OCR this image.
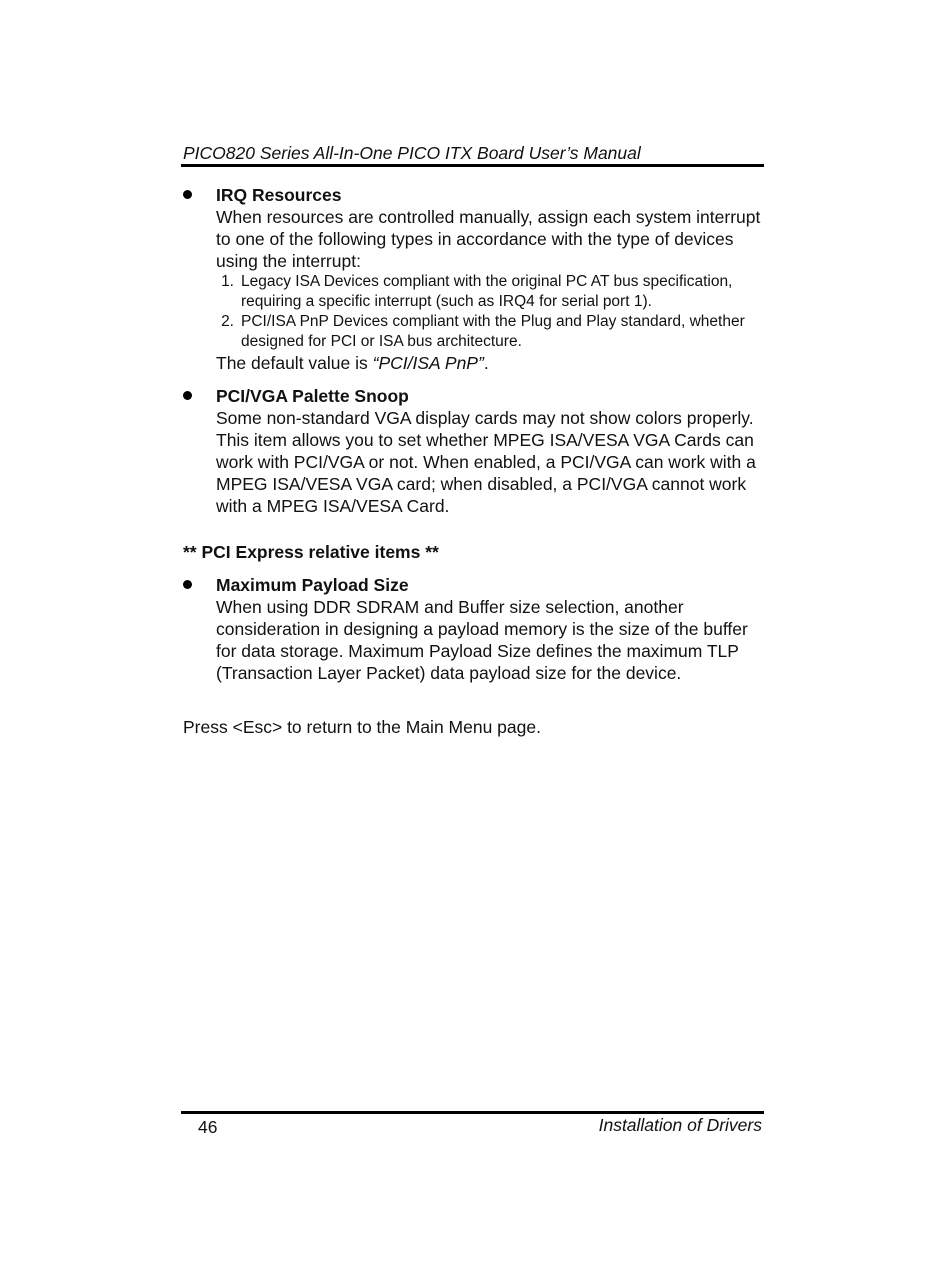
PICO820 Series All-In-One PICO ITX Board User’s Manual
IRQ Resources
When resources are controlled manually, assign each system interrupt to one of the following types in accordance with the type of devices using the interrupt:
1. Legacy ISA Devices compliant with the original PC AT bus specification, requiring a specific interrupt (such as IRQ4 for serial port 1).
2. PCI/ISA PnP Devices compliant with the Plug and Play standard, whether designed for PCI or ISA bus architecture.
The default value is “PCI/ISA PnP”.
PCI/VGA Palette Snoop
Some non-standard VGA display cards may not show colors properly. This item allows you to set whether MPEG ISA/VESA VGA Cards can work with PCI/VGA or not. When enabled, a PCI/VGA can work with a MPEG ISA/VESA VGA card; when disabled, a PCI/VGA cannot work with a MPEG ISA/VESA Card.
** PCI Express relative items **
Maximum Payload Size
When using DDR SDRAM and Buffer size selection, another consideration in designing a payload memory is the size of the buffer for data storage. Maximum Payload Size defines the maximum TLP (Transaction Layer Packet) data payload size for the device.
Press <Esc> to return to the Main Menu page.
46	Installation of Drivers
